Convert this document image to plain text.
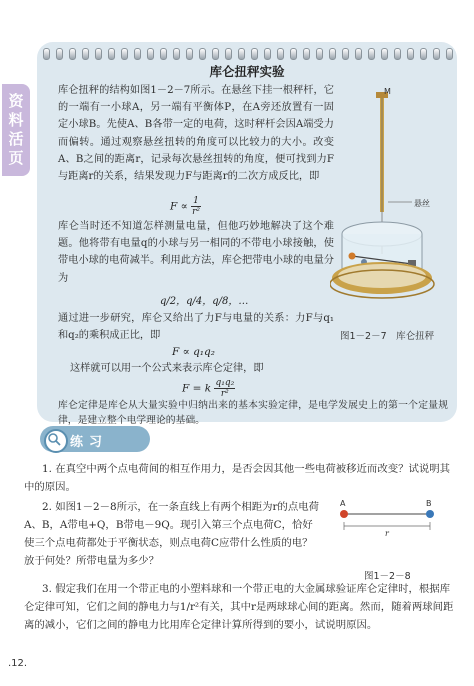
资料活页
库仑扭秤实验

库仑扭秤的结构如图1－2－7所示。在悬丝下挂一根秤杆，它的一端有一小球A，另一端有平衡体P，在A旁还放置有一固定小球B。先使A、B各带一定的电荷，这时秤杆会因A端受力而偏转。通过观察悬丝扭转的角度可以比较力的大小。改变A、B之间的距离r，记录每次悬丝扭转的角度，便可找到力F与距离r的关系，结果发现力F与距离r的二次方成反比，即

$F \propto \frac{1}{\text{r²}}$

库仑当时还不知道怎样测量电量，但他巧妙地解决了这个难题。他将带有电量q的小球与另一相同的不带电小球接触，使带电小球的电荷减半。利用此方法，库仑把带电小球的电量分为

q/2，q/4，q/8，…

通过进一步研究，库仑又给出了力F与电量的关系：力F与q₁和q₂的乘积成正比，即

F ∝ q₁q₂

这样就可以用一个公式来表示库仑定律，即

F = k $\frac{\text{q₁q₂}}{\text{r²}}$

库仑定律是库仑从大量实验中归纳出来的基本实验定律，是电学发展史上的第一个定量规律，是建立整个电学理论的基础。

M
悬丝
图1－2－7　库仑扭秤
练习

1. 在真空中两个点电荷间的相互作用力，是否会因其他一些电荷被移近而改变？试说明其中的原因。

2. 如图1－2－8所示，在一条直线上有两个相距为r的点电荷A、B，A带电+Q，B带电－9Q。现引入第三个点电荷C，恰好使三个点电荷都处于平衡状态，则点电荷C应带什么性质的电？放于何处？所带电量为多少？

A	B
r
图1－2－8

3. 假定我们在用一个带正电的小塑料球和一个带正电的大金属球验证库仑定律时，根据库仑定律可知，它们之间的静电力与1/r²有关，其中r是两球球心间的距离。然而，随着两球间距离的减小，它们之间的静电力比用库仑定律计算所得到的要小，试说明原因。

.12.
